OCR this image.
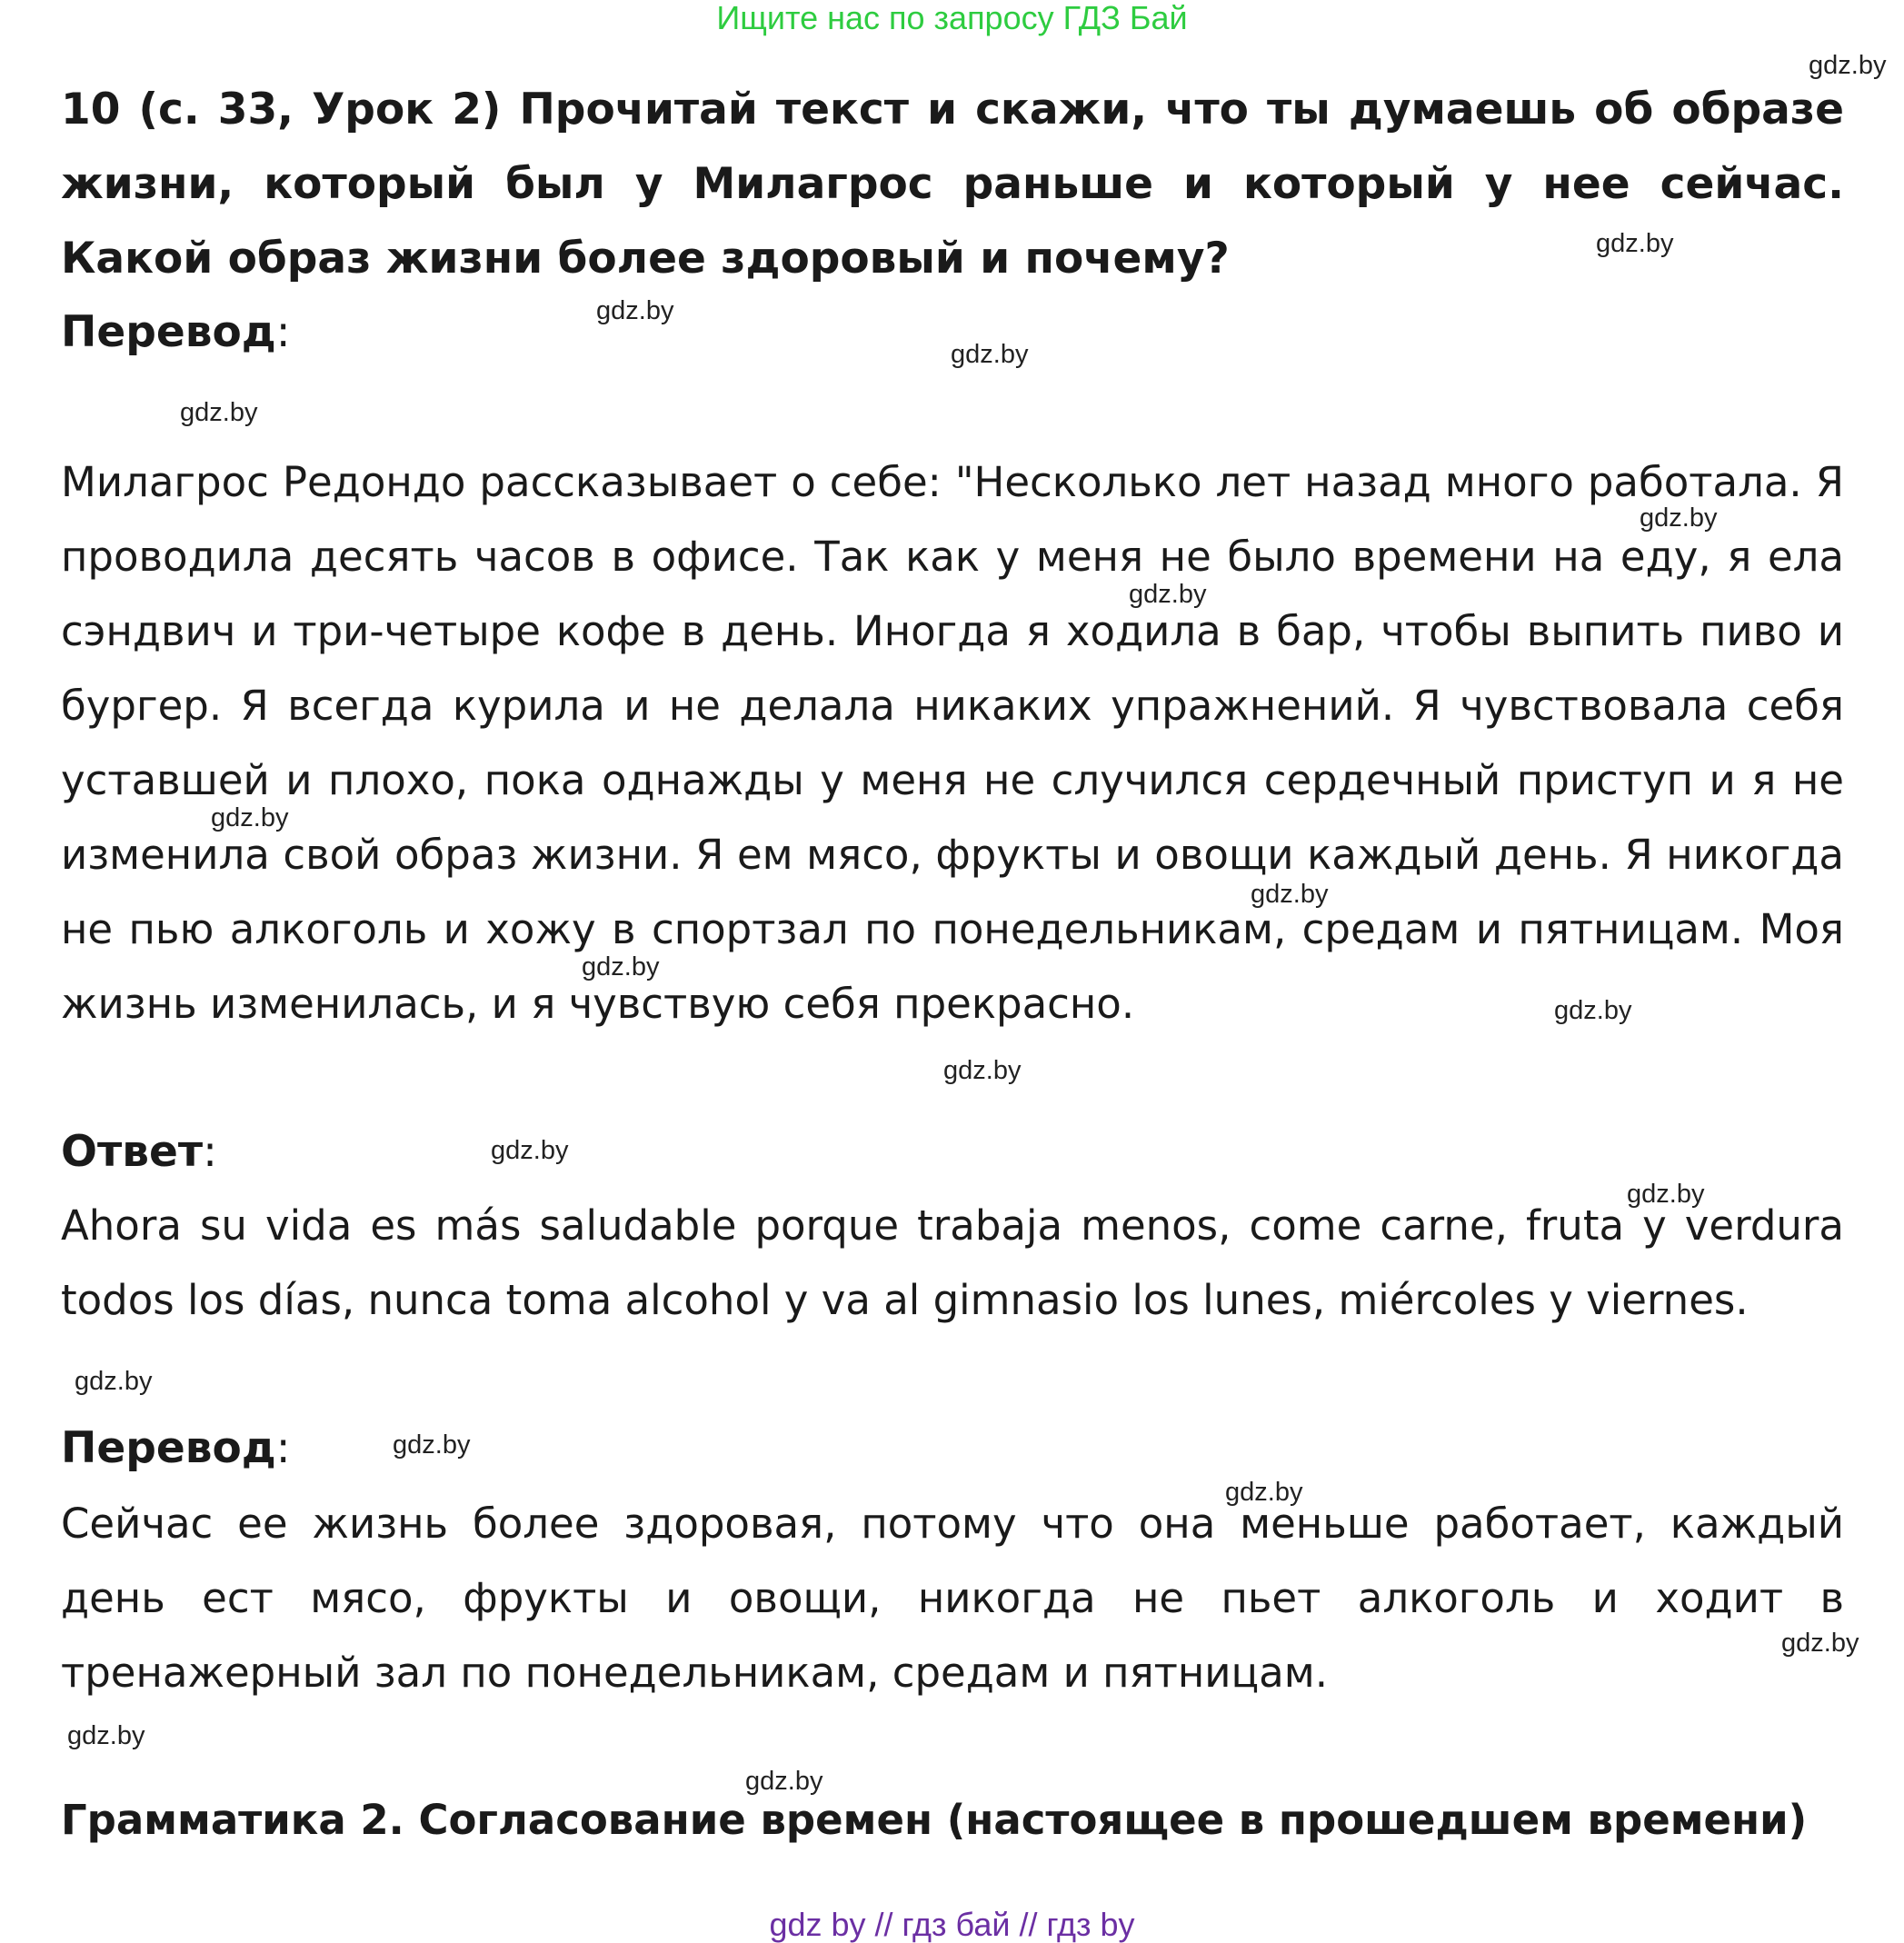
Ищите нас по запросу ГДЗ Бай
10 (с. 33, Урок 2) Прочитай текст и скажи, что ты думаешь об образе жизни, который был у Милагрос раньше и который у нее сейчас. Какой образ жизни более здоровый и почему?
Перевод:

Милагрос Редондо рассказывает о себе: "Несколько лет назад много работала. Я проводила десять часов в офисе. Так как у меня не было времени на еду, я ела сэндвич и три-четыре кофе в день. Иногда я ходила в бар, чтобы выпить пиво и бургер. Я всегда курила и не делала никаких упражнений. Я чувствовала себя уставшей и плохо, пока однажды у меня не случился сердечный приступ и я не изменила свой образ жизни. Я ем мясо, фрукты и овощи каждый день. Я никогда не пью алкоголь и хожу в спортзал по понедельникам, средам и пятницам. Моя жизнь изменилась, и я чувствую себя прекрасно.

Ответ:

Ahora su vida es más saludable porque trabaja menos, come carne, fruta y verdura todos los días, nunca toma alcohol y va al gimnasio los lunes, miércoles y viernes.

Перевод:

Сейчас ее жизнь более здоровая, потому что она меньше работает, каждый день ест мясо, фрукты и овощи, никогда не пьет алкоголь и ходит в тренажерный зал по понедельникам, средам и пятницам.

Грамматика 2. Согласование времен (настоящее в прошедшем времени)
gdz.by
gdz.by
gdz.by
gdz.by
gdz.by
gdz.by
gdz.by
gdz.by
gdz.by
gdz.by
gdz.by
gdz.by
gdz.by
gdz.by
gdz.by
gdz.by
gdz.by
gdz.by
gdz.by
gdz.by
gdz by // гдз бай // гдз by
